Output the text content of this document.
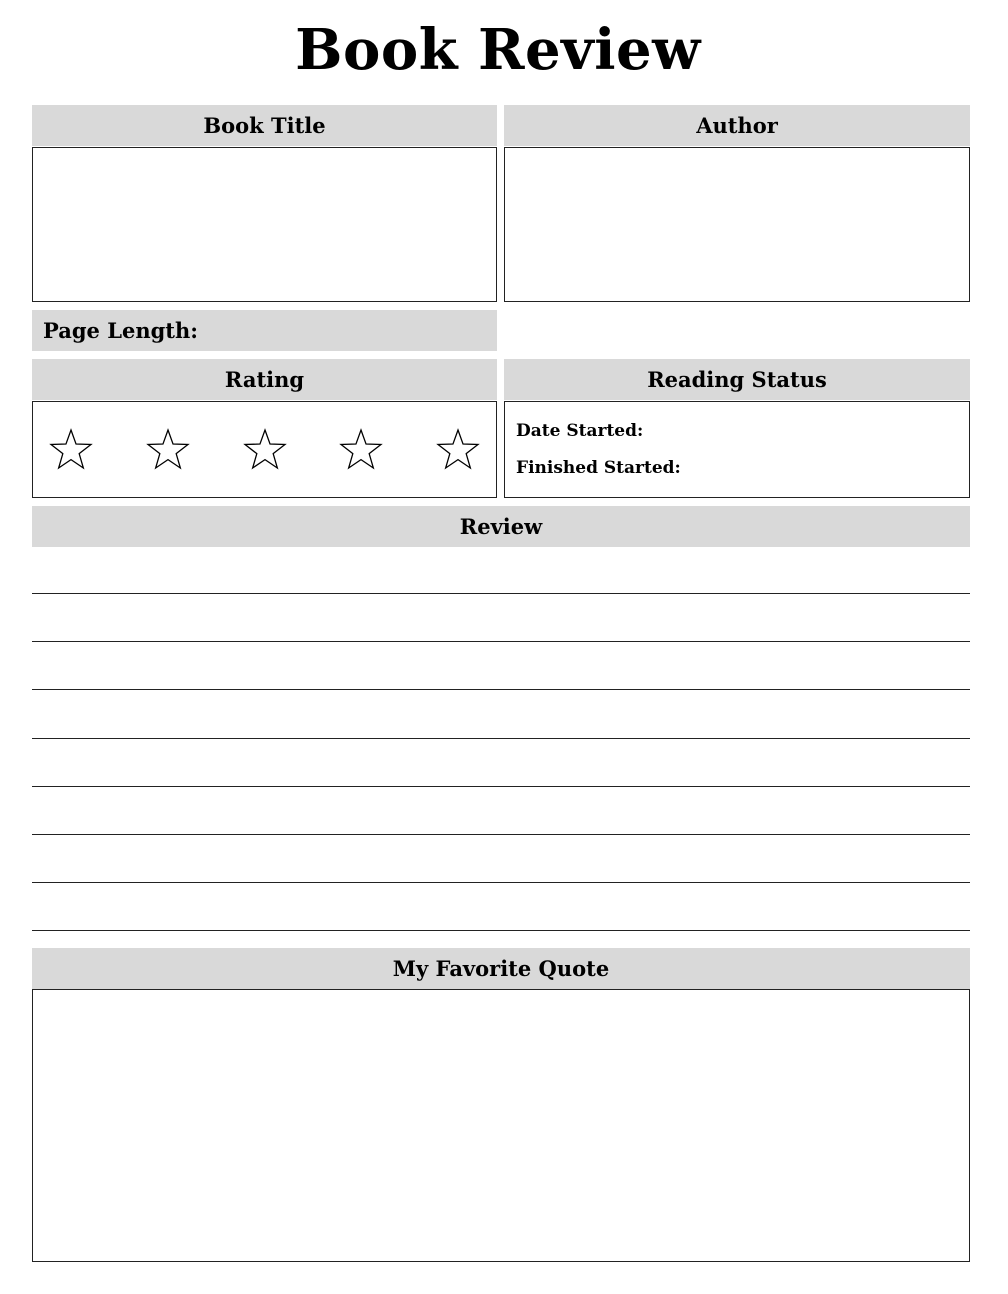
Book Review
Book Title	Author
Page Length:
Rating	Reading Status
Date Started:
Finished Started:
Review
My Favorite Quote
